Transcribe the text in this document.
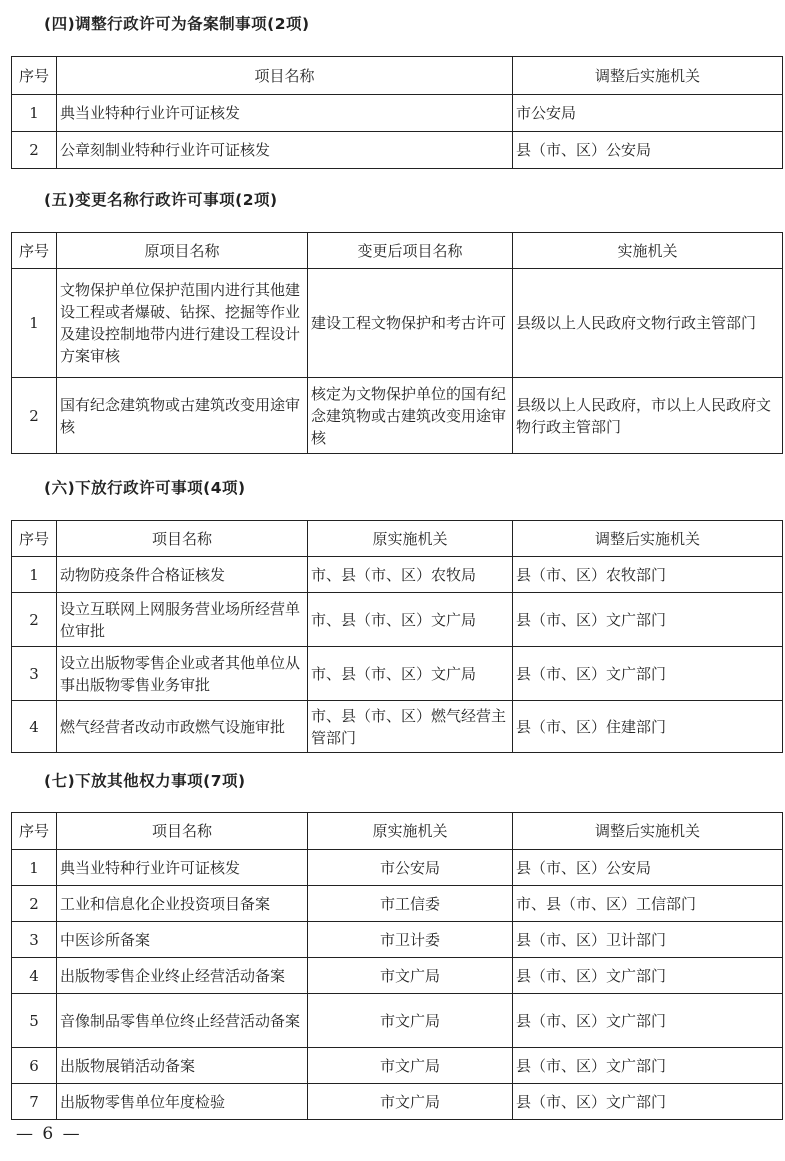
(四)调整行政许可为备案制事项(2项)
序号	项目名称	调整后实施机关
1	典当业特种行业许可证核发	市公安局
2	公章刻制业特种行业许可证核发	县（市、区）公安局
(五)变更名称行政许可事项(2项)
序号	原项目名称	变更后项目名称	实施机关
1	文物保护单位保护范围内进行其他建设工程或者爆破、钻探、挖掘等作业及建设控制地带内进行建设工程设计方案审核	建设工程文物保护和考古许可	县级以上人民政府文物行政主管部门
2	国有纪念建筑物或古建筑改变用途审核	核定为文物保护单位的国有纪念建筑物或古建筑改变用途审核	县级以上人民政府，市以上人民政府文物行政主管部门
(六)下放行政许可事项(4项)
序号	项目名称	原实施机关	调整后实施机关
1	动物防疫条件合格证核发	市、县（市、区）农牧局	县（市、区）农牧部门
2	设立互联网上网服务营业场所经营单位审批	市、县（市、区）文广局	县（市、区）文广部门
3	设立出版物零售企业或者其他单位从事出版物零售业务审批	市、县（市、区）文广局	县（市、区）文广部门
4	燃气经营者改动市政燃气设施审批	市、县（市、区）燃气经营主管部门	县（市、区）住建部门
(七)下放其他权力事项(7项)
序号	项目名称	原实施机关	调整后实施机关
1	典当业特种行业许可证核发	市公安局	县（市、区）公安局
2	工业和信息化企业投资项目备案	市工信委	市、县（市、区）工信部门
3	中医诊所备案	市卫计委	县（市、区）卫计部门
4	出版物零售企业终止经营活动备案	市文广局	县（市、区）文广部门
5	音像制品零售单位终止经营活动备案	市文广局	县（市、区）文广部门
6	出版物展销活动备案	市文广局	县（市、区）文广部门
7	出版物零售单位年度检验	市文广局	县（市、区）文广部门
— 6 —
